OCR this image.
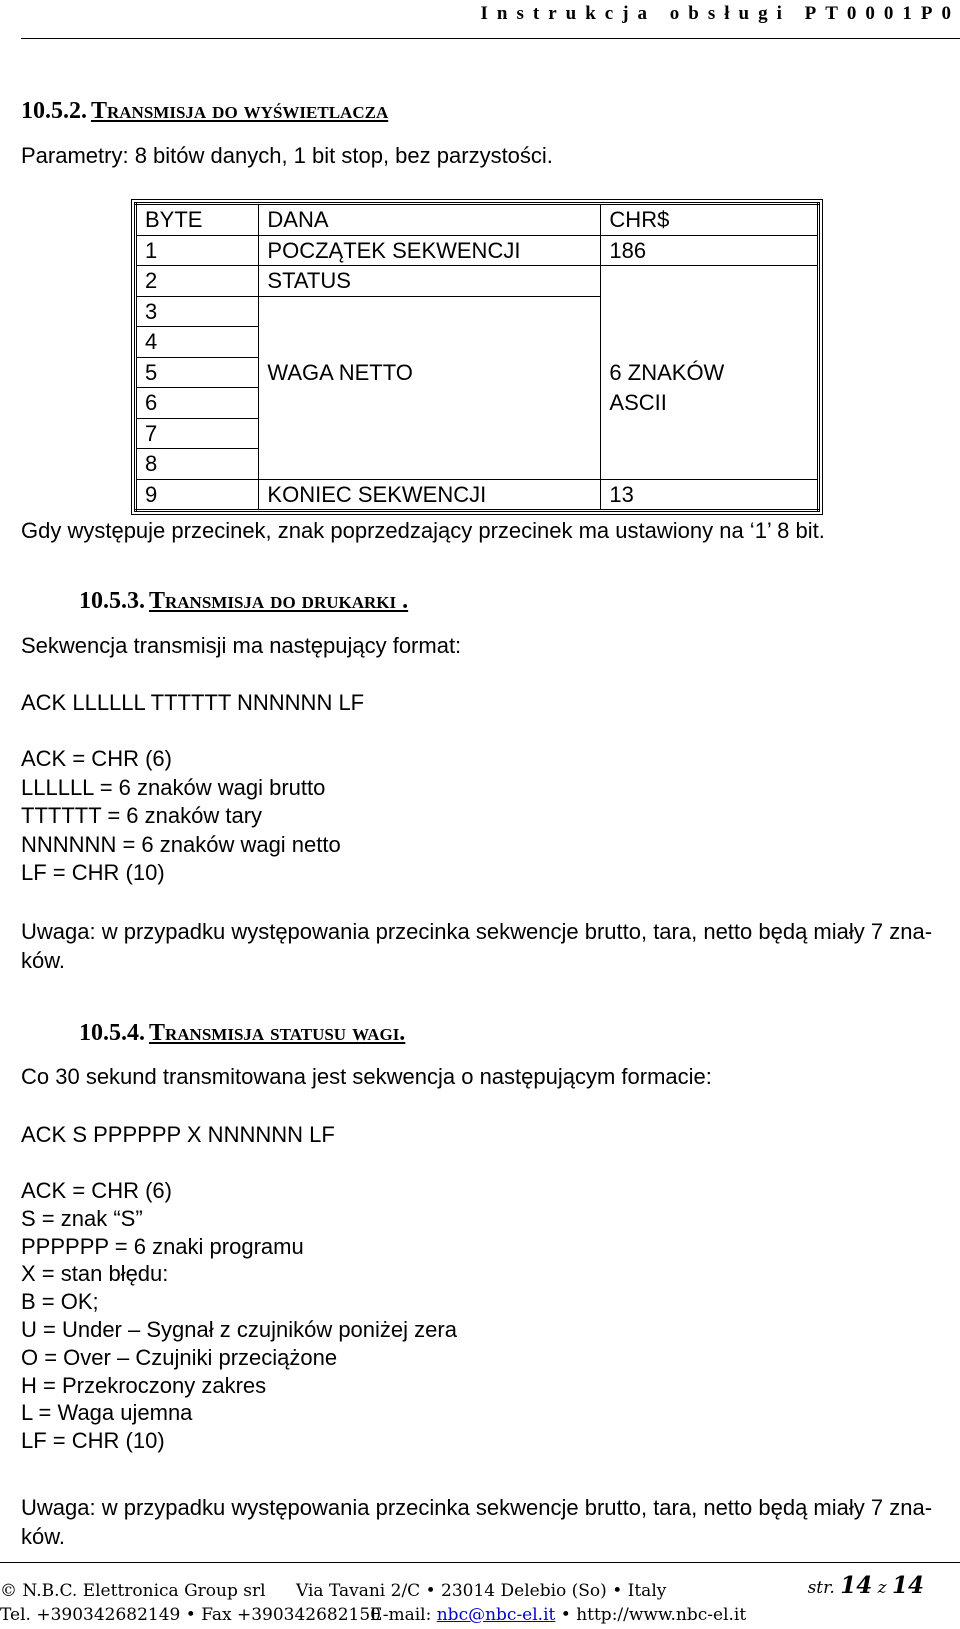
Instrukcja obsługi PT0001P0
10.5.2. Transmisja do wyświetlacza
Parametry: 8 bitów danych, 1 bit stop, bez parzystości.
BYTE	DANA	CHR$
1	POCZĄTEK SEKWENCJI	186
2	STATUS	
3		
4		
5	WAGA NETTO	6 ZNAKÓW
6		ASCII
7		
8		
9	KONIEC SEKWENCJI	13
Gdy występuje przecinek, znak poprzedzający przecinek ma ustawiony na ‘1’ 8 bit.
10.5.3. Transmisja do drukarki .
Sekwencja transmisji ma następujący format:
ACK LLLLLL TTTTTT NNNNNN LF
ACK = CHR (6)
LLLLLL = 6 znaków wagi brutto
TTTTTT = 6 znaków tary
NNNNNN = 6 znaków wagi netto
LF = CHR (10)
Uwaga: w przypadku występowania przecinka sekwencje brutto, tara, netto będą miały 7 zna-
ków.
10.5.4. Transmisja statusu wagi.
Co 30 sekund transmitowana jest sekwencja o następującym formacie:
ACK S PPPPPP X NNNNNN LF
ACK = CHR (6)
S = znak “S”
PPPPPP = 6 znaki programu
X = stan błędu:
B = OK;
U = Under – Sygnał z czujników poniżej zera
O = Over – Czujniki przeciążone
H = Przekroczony zakres
L = Waga ujemna
LF = CHR (10)
Uwaga: w przypadku występowania przecinka sekwencje brutto, tara, netto będą miały 7 zna-
ków.
© N.B.C. Elettronica Group srl Via Tavani 2/C • 23014 Delebio (So) • Italy	str. 14 z 14
Tel. +390342682149 • Fax +390342682150
E-mail: nbc@nbc-el.it • http://www.nbc-el.it
